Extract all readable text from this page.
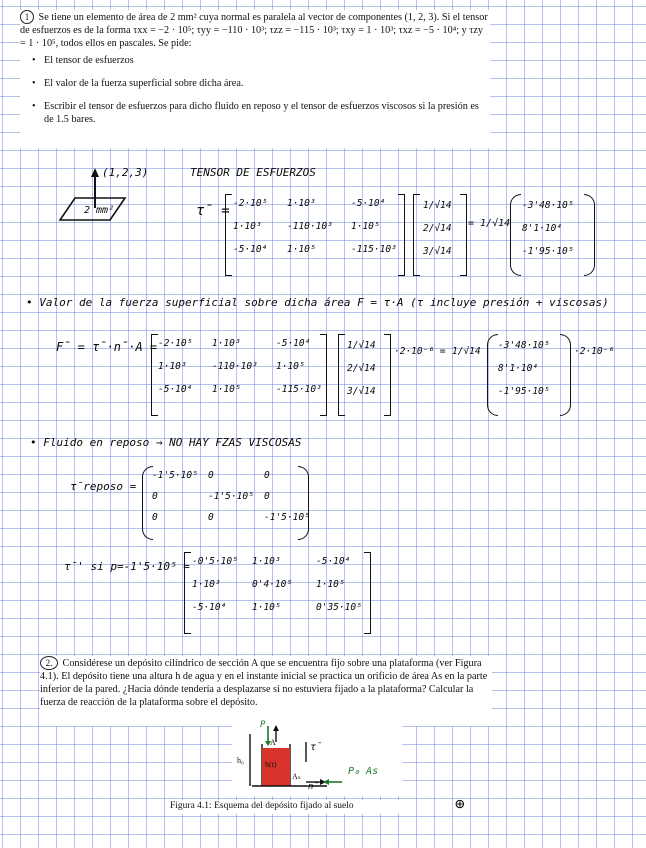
1 Se tiene un elemento de área de 2 mm² cuya normal es paralela al vector de componentes (1, 2, 3). Si el tensor de esfuerzos es de la forma τxx = −2 · 10⁵; τyy = −110 · 10³; τzz = −115 · 10³; τxy = 1 · 10³; τxz = −5 · 10⁴; y τzy = 1 · 10⁵, todos ellos en pascales. Se pide:
• El tensor de esfuerzos
• El valor de la fuerza superficial sobre dicha área.
• Escribir el tensor de esfuerzos para dicho fluido en reposo y el tensor de esfuerzos viscosos si la presión es de 1.5 bares.
(1,2,3)
2 mm²
TENSOR DE ESFUERZOS
τ̄ = -2·10⁵	1·10³	-5·10⁴
1·10³	-110·10³	1·10⁵
-5·10⁴	1·10⁵	-115·10³
1/√14
2/√14
3/√14
= 1/√14
-3'48·10⁵
8'1·10⁴
-1'95·10⁵
• Valor de la fuerza superficial sobre dicha área F = τ·A (τ incluye presión + viscosas)
F̄ = τ̄·n̄·A = -2·10⁵	1·10³	-5·10⁴
1·10³	-110·10³	1·10⁵
-5·10⁴	1·10⁵	-115·10³
1/√14
2/√14
3/√14
·2·10⁻⁶ = 1/√14
-3'48·10⁵
8'1·10⁴
-1'95·10⁵
·2·10⁻⁶
• Fluido en reposo → NO HAY FZAS VISCOSAS
τ̄reposo =
-1'5·10⁵	0	0
0	-1'5·10⁵	0
0	0	-1'5·10⁵
τ̄' si p=-1'5·10⁵ = -0'5·10⁵	1·10³	-5·10⁴
1·10³	0'4·10⁵	1·10⁵
-5·10⁴	1·10⁵	0'35·10⁵
2. Considérese un depósito cilíndrico de sección A que se encuentra fijo sobre una plataforma (ver Figura 4.1). El depósito tiene una altura h de agua y en el instante inicial se practica un orificio de área As en la parte inferior de la pared. ¿Hacia dónde tendería a desplazarse si no estuviera fijado a la plataforma? Calcular la fuerza de reacción de la plataforma sobre el depósito.
P
A
h₀	h(t)
Aₛ
τ̄
n̄
P₀ As
Figura 4.1: Esquema del depósito fijado al suelo	⊕
